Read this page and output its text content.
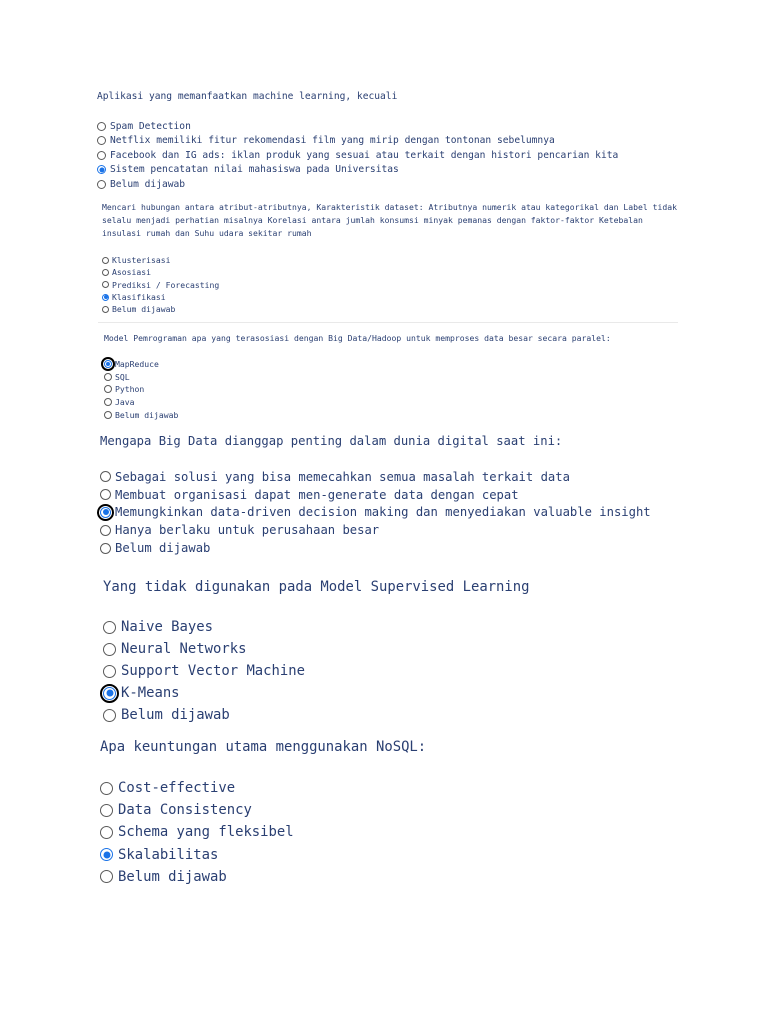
Aplikasi yang memanfaatkan machine learning, kecuali

Spam Detection
Netflix memiliki fitur rekomendasi film yang mirip dengan tontonan sebelumnya
Facebook dan IG ads: iklan produk yang sesuai atau terkait dengan histori pencarian kita
Sistem pencatatan nilai mahasiswa pada Universitas
Belum dijawab

Mencari hubungan antara atribut-atributnya, Karakteristik dataset: Atributnya numerik atau kategorikal dan Label tidak selalu menjadi perhatian misalnya Korelasi antara jumlah konsumsi minyak pemanas dengan faktor-faktor Ketebalan insulasi rumah dan Suhu udara sekitar rumah

Klusterisasi
Asosiasi
Prediksi / Forecasting
Klasifikasi
Belum dijawab

Model Pemrograman apa yang terasosiasi dengan Big Data/Hadoop untuk memproses data besar secara paralel:

MapReduce
SQL
Python
Java
Belum dijawab

Mengapa Big Data dianggap penting dalam dunia digital saat ini:

Sebagai solusi yang bisa memecahkan semua masalah terkait data
Membuat organisasi dapat men-generate data dengan cepat
Memungkinkan data-driven decision making dan menyediakan valuable insight
Hanya berlaku untuk perusahaan besar
Belum dijawab

Yang tidak digunakan pada Model Supervised Learning

Naive Bayes
Neural Networks
Support Vector Machine
K-Means
Belum dijawab

Apa keuntungan utama menggunakan NoSQL:

Cost-effective
Data Consistency
Schema yang fleksibel
Skalabilitas
Belum dijawab
